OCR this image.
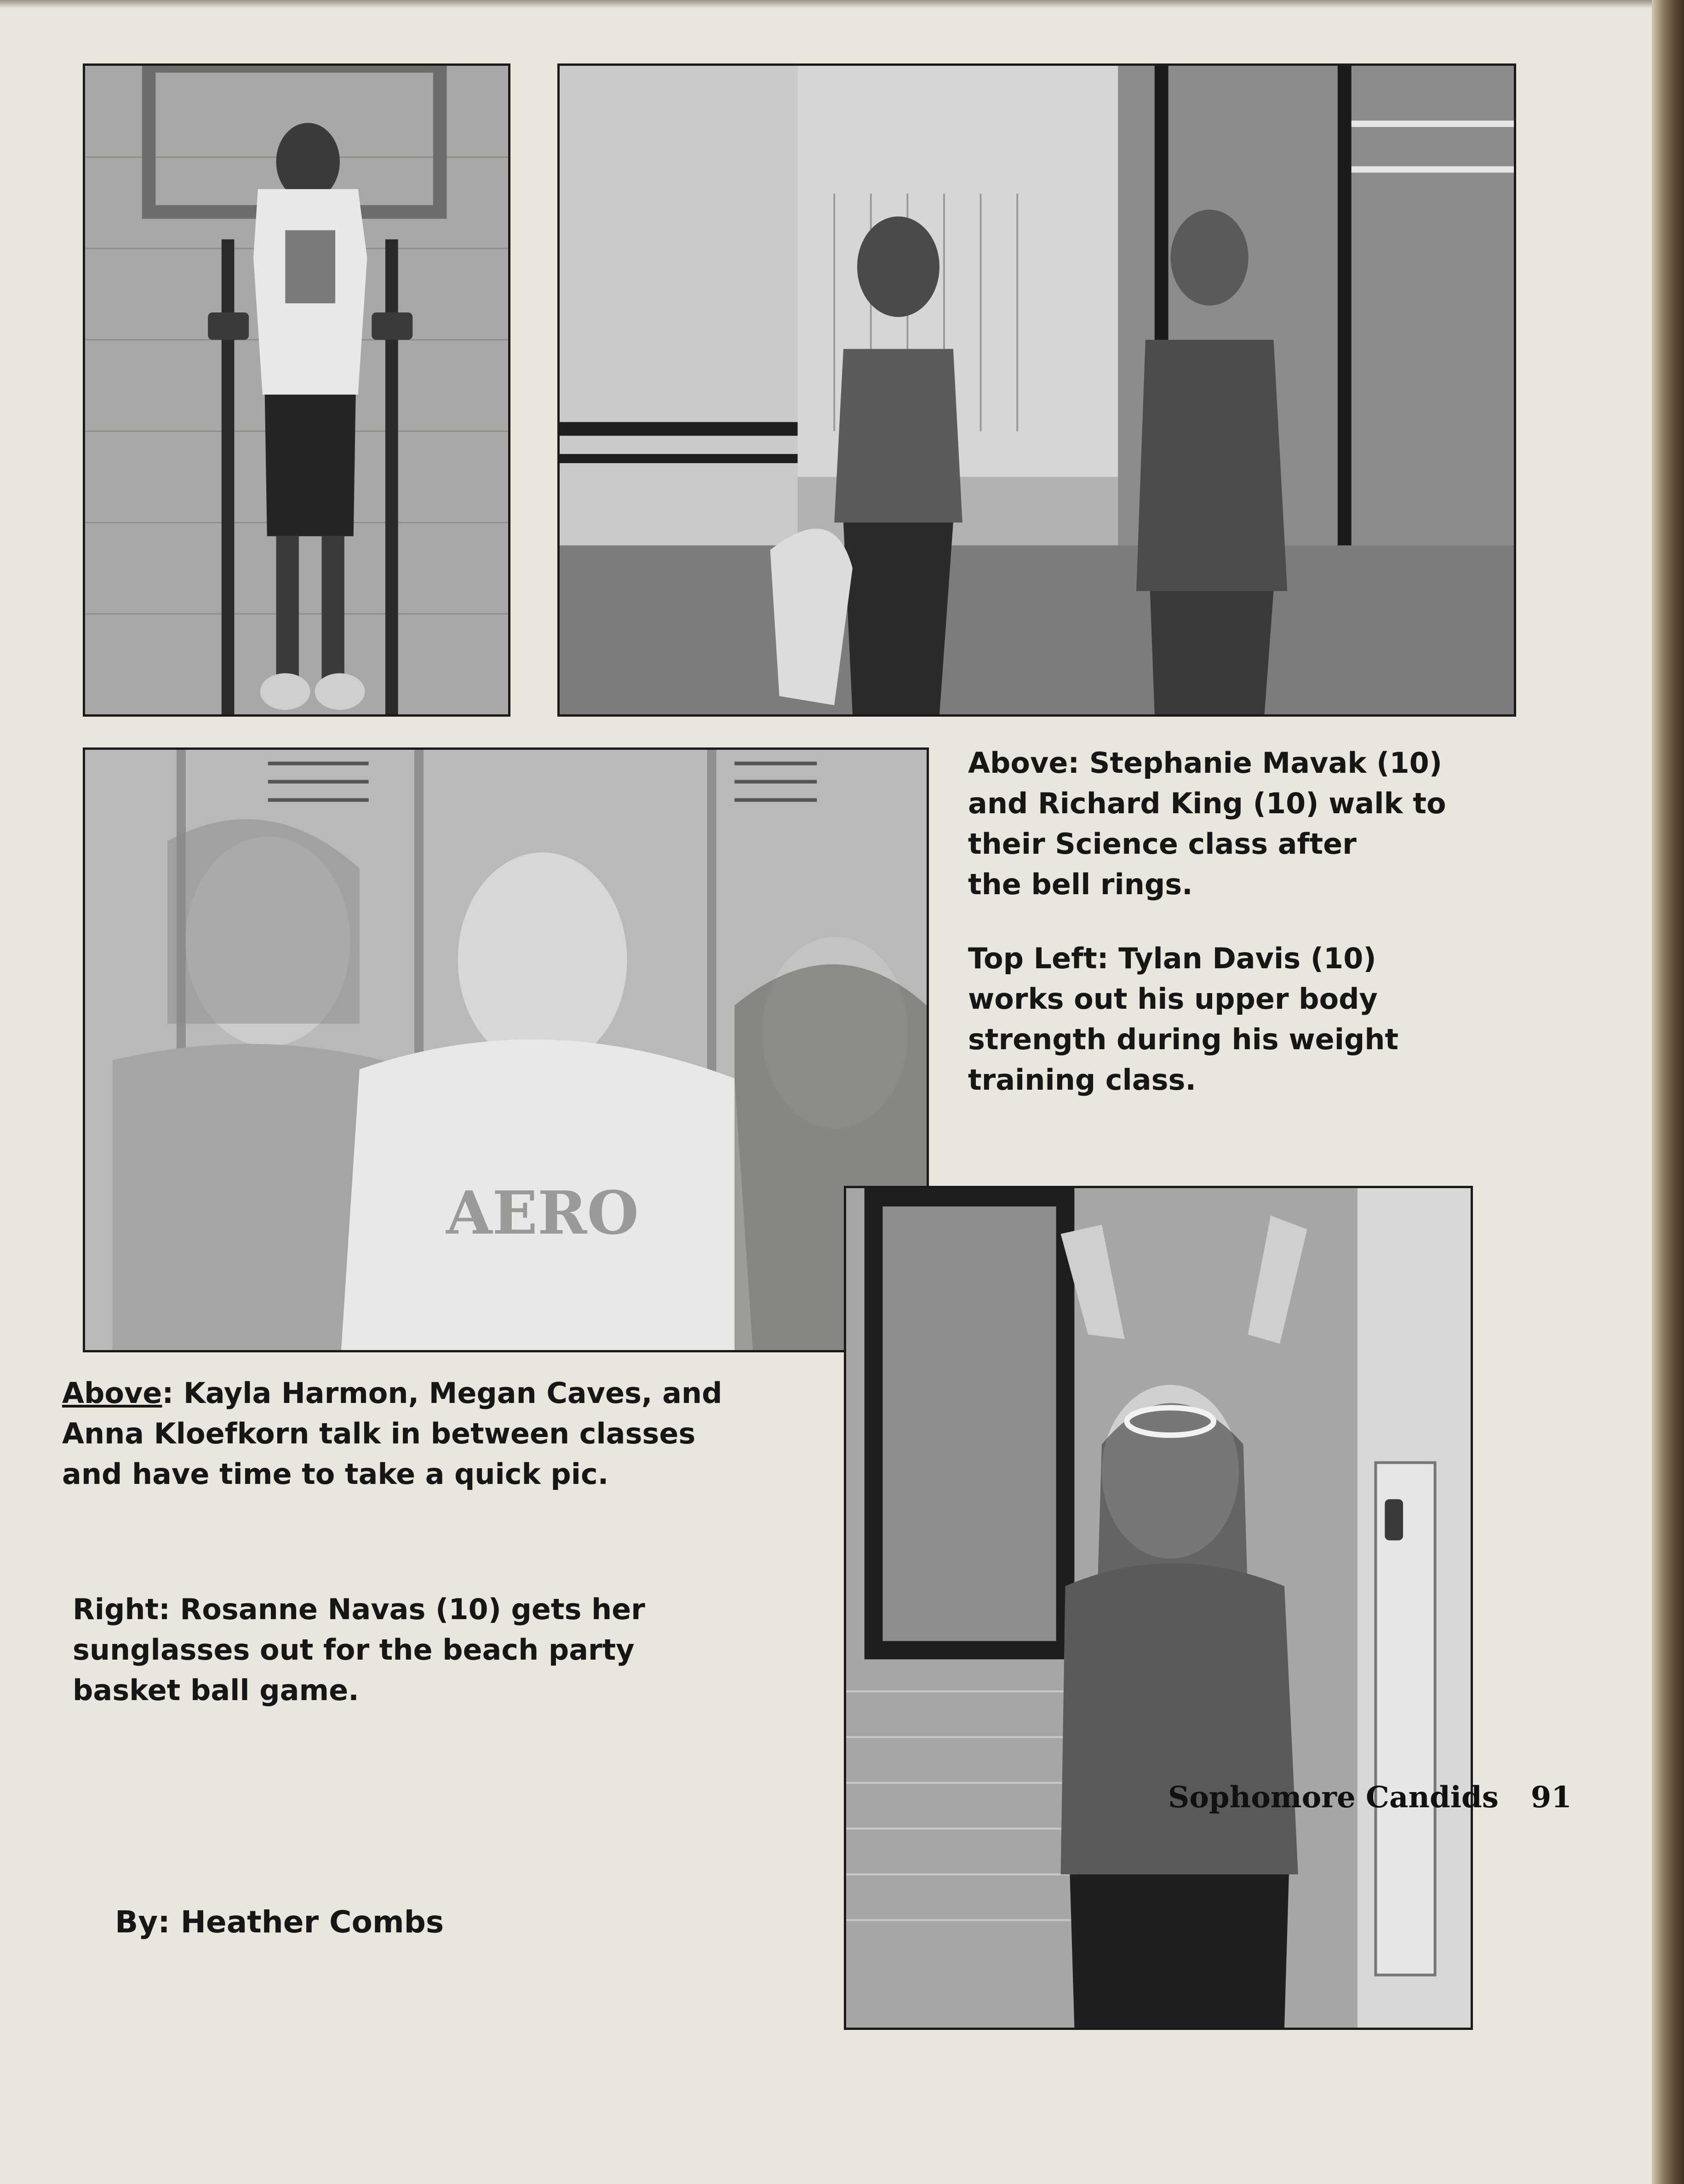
AERO
Above: Stephanie Mavak (10)
and Richard King (10) walk to
their Science class after
the bell rings.
Top Left: Tylan Davis (10)
works out his upper body
strength during his weight
training class.
Above: Kayla Harmon, Megan Caves, and
Anna Kloefkorn talk in between classes
and have time to take a quick pic.
Right: Rosanne Navas (10) gets her
sunglasses out for the beach party
basket ball game.
By: Heather Combs
Sophomore Candids 91
